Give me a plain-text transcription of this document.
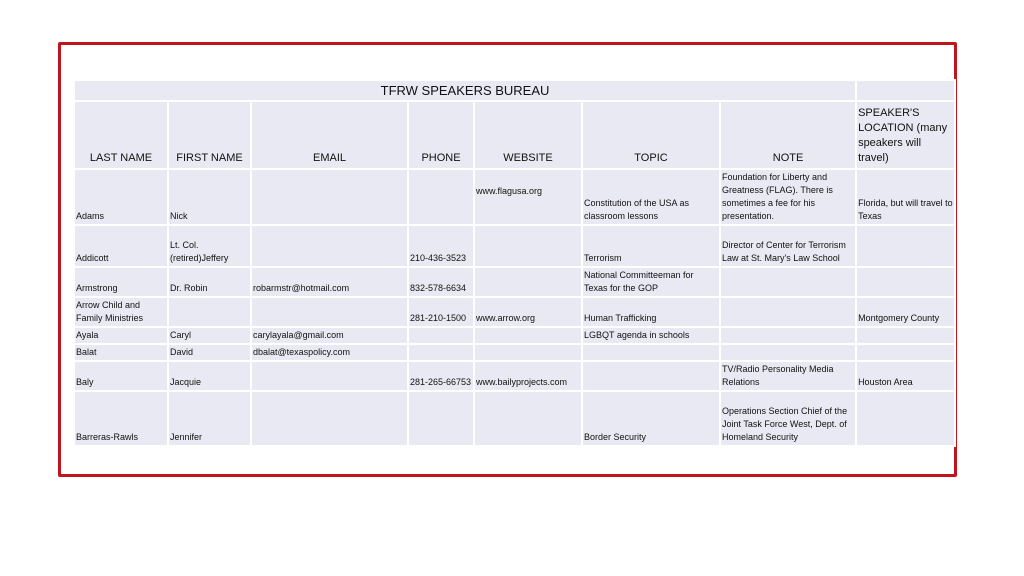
TFRW SPEAKERS BUREAU							
LAST NAME	FIRST NAME	EMAIL	PHONE	WEBSITE	TOPIC	NOTE	SPEAKER'S LOCATION (many speakers will travel)
Adams	Nick			www.flagusa.org	Constitution of the USA as classroom lessons	Foundation for Liberty and Greatness (FLAG). There is sometimes a fee for his presentation.	Florida, but will travel to Texas
Addicott	Lt. Col. (retired)Jeffery		210-436-3523		Terrorism	Director of Center for Terrorism Law at St. Mary's Law School	
Armstrong	Dr. Robin	robarmstr@hotmail.com	832-578-6634		National Committeeman for Texas for the GOP		
Arrow Child and Family Ministries			281-210-1500	www.arrow.org	Human Trafficking		Montgomery County
Ayala	Caryl	carylayala@gmail.com			LGBQT agenda in schools		
Balat	David	dbalat@texaspolicy.com					
Baly	Jacquie		281-265-66753	www.bailyprojects.com		TV/Radio Personality Media Relations	Houston Area
Barreras-Rawls	Jennifer				Border Security	Operations Section Chief of the Joint Task Force West, Dept. of Homeland Security	
